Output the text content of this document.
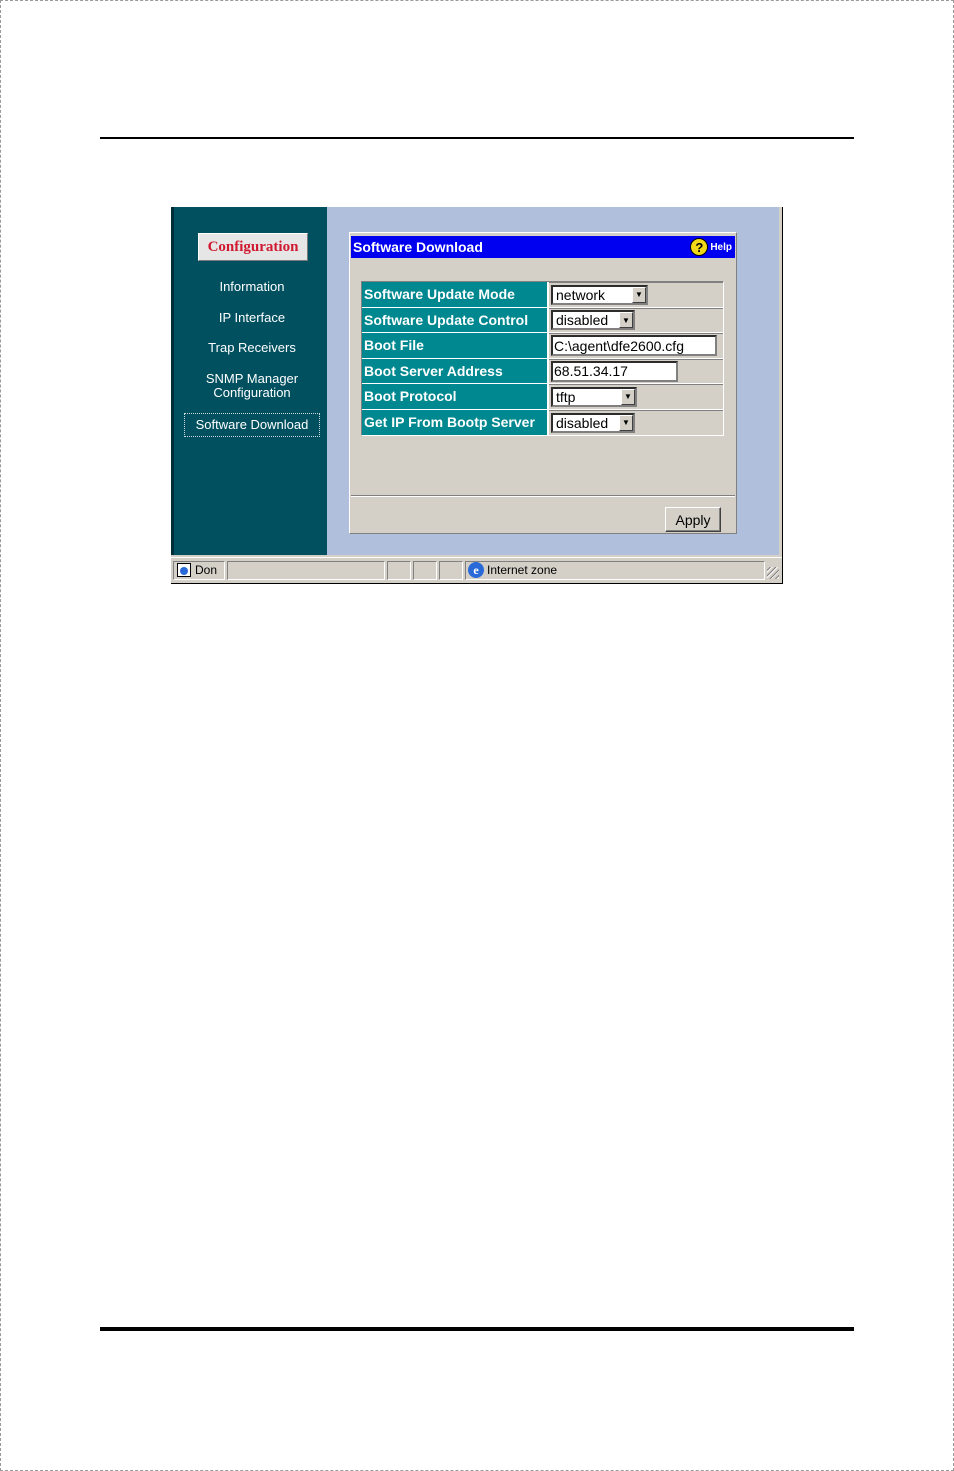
Configuration
Information
IP Interface
Trap Receivers
SNMP Manager
Configuration
Software Download
Software Download	? Help
Software Update Mode	network	▼
Software Update Control	disabled	▼
Boot File	C:\agent\dfe2600.cfg
Boot Server Address	68.51.34.17
Boot Protocol	tftp	▼
Get IP From Bootp Server	disabled	▼
Apply
Don	e Internet zone
